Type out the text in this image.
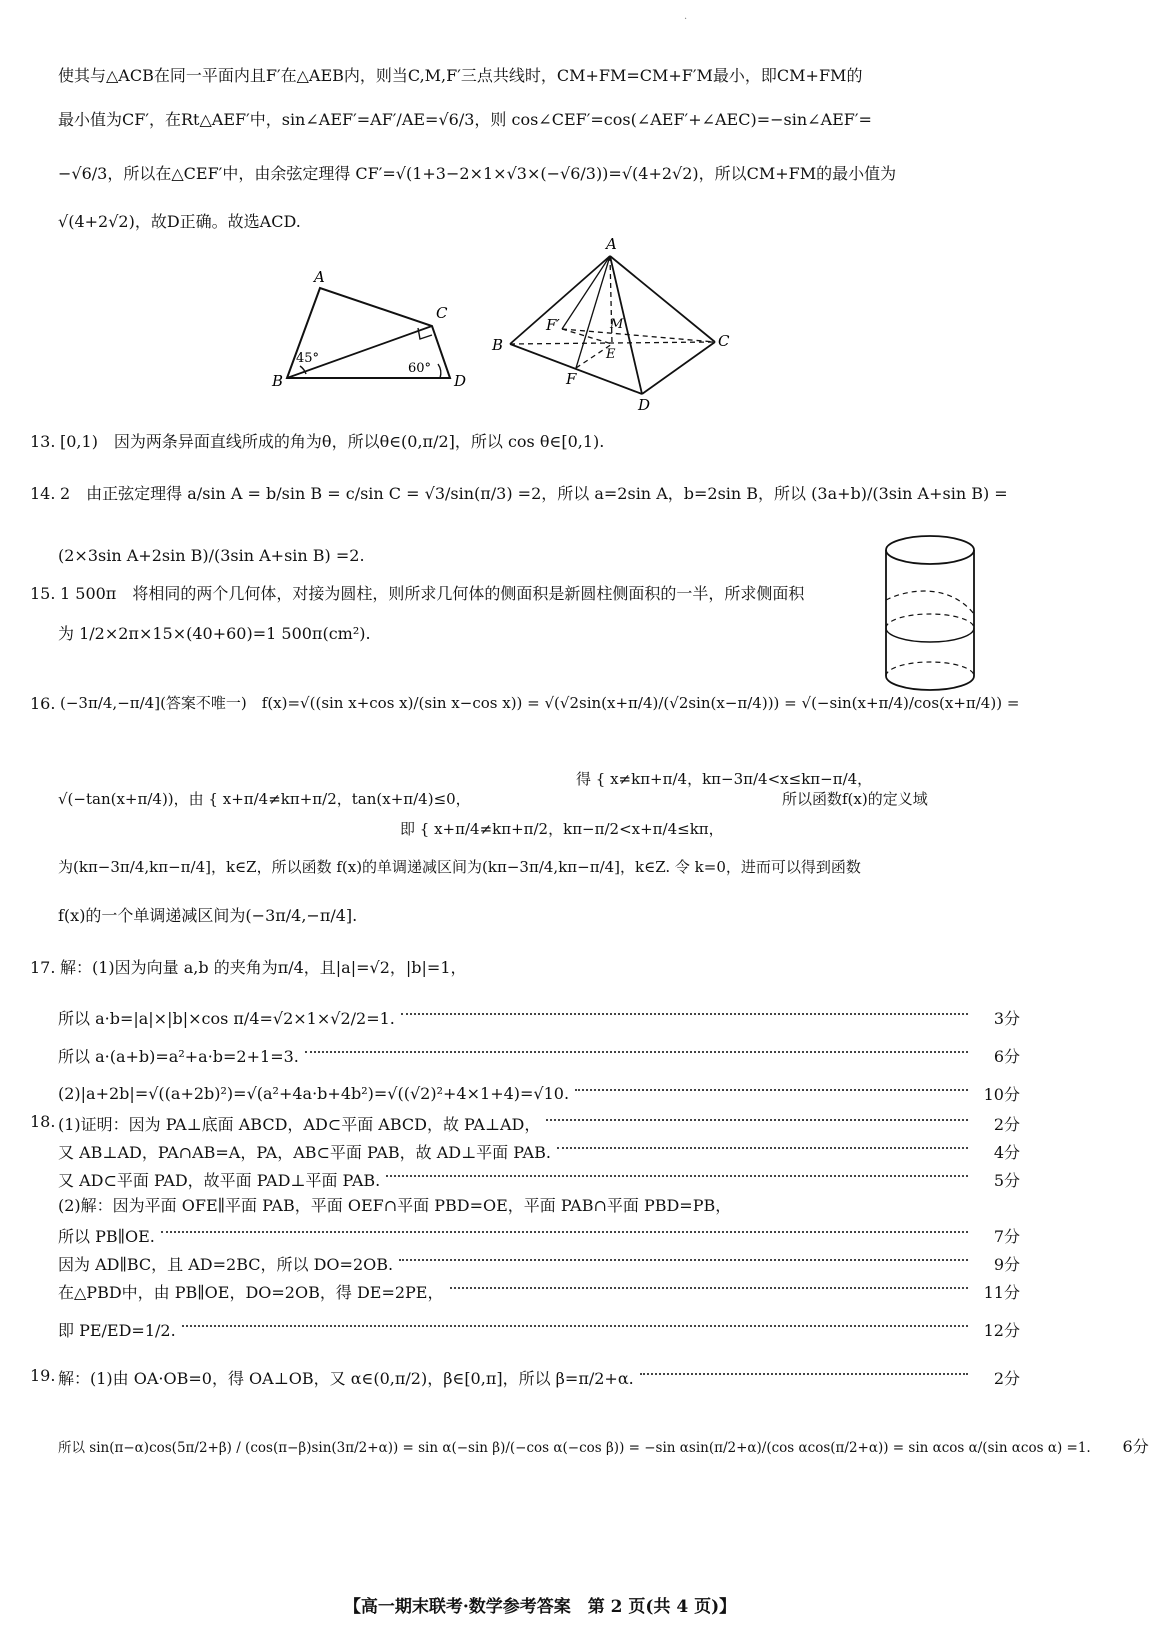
·
使其与△ACB在同一平面内且F′在△AEB内，则当C,M,F′三点共线时，CM+FM=CM+F′M最小，即CM+FM的
最小值为CF′，在Rt△AEF′中，sin∠AEF′=AF′/AE=√6/3，则 cos∠CEF′=cos(∠AEF′+∠AEC)=−sin∠AEF′=
−√6/3，所以在△CEF′中，由余弦定理得 CF′=√(1+3−2×1×√3×(−√6/3))=√(4+2√2)，所以CM+FM的最小值为
√(4+2√2)，故D正确。故选ACD.
A
B
C
D
45°
60°
A
B	C
D
E
F
F′	M
13. [0,1)　因为两条异面直线所成的角为θ，所以θ∈(0,π/2]，所以 cos θ∈[0,1).
14. 2　由正弦定理得 a/sin A = b/sin B = c/sin C = √3/sin(π/3) =2，所以 a=2sin A，b=2sin B，所以 (3a+b)/(3sin A+sin B) =
(2×3sin A+2sin B)/(3sin A+sin B) =2.
15. 1 500π　将相同的两个几何体，对接为圆柱，则所求几何体的侧面积是新圆柱侧面积的一半，所求侧面积
为 1/2×2π×15×(40+60)=1 500π(cm²).
16. (−3π/4,−π/4](答案不唯一)　f(x)=√((sin x+cos x)/(sin x−cos x)) = √(√2sin(x+π/4)/(√2sin(x−π/4))) = √(−sin(x+π/4)/cos(x+π/4)) =
√(−tan(x+π/4))，由 { x+π/4≠kπ+π/2，tan(x+π/4)≤0，
即 { x+π/4≠kπ+π/2，kπ−π/2<x+π/4≤kπ，
得 { x≠kπ+π/4，kπ−3π/4<x≤kπ−π/4，
所以函数f(x)的定义域
为(kπ−3π/4,kπ−π/4]，k∈Z，所以函数 f(x)的单调递减区间为(kπ−3π/4,kπ−π/4]，k∈Z. 令 k=0，进而可以得到函数
f(x)的一个单调递减区间为(−3π/4,−π/4].
17. 解：(1)因为向量 a,b 的夹角为π/4，且|a|=√2，|b|=1，
所以 a·b=|a|×|b|×cos π/4=√2×1×√2/2=1.	3分
所以 a·(a+b)=a²+a·b=2+1=3.	6分
(2)|a+2b|=√((a+2b)²)=√(a²+4a·b+4b²)=√((√2)²+4×1+4)=√10.	10分
18. (1)证明：因为 PA⊥底面 ABCD，AD⊂平面 ABCD，故 PA⊥AD，	2分
又 AB⊥AD，PA∩AB=A，PA，AB⊂平面 PAB，故 AD⊥平面 PAB.	4分
又 AD⊂平面 PAD，故平面 PAD⊥平面 PAB.	5分
(2)解：因为平面 OFE∥平面 PAB，平面 OEF∩平面 PBD=OE，平面 PAB∩平面 PBD=PB，
所以 PB∥OE.	7分
因为 AD∥BC，且 AD=2BC，所以 DO=2OB.	9分
在△PBD中，由 PB∥OE，DO=2OB，得 DE=2PE，	11分
即 PE/ED=1/2.	12分
19. 解：(1)由 OA·OB=0，得 OA⊥OB，又 α∈(0,π/2)，β∈[0,π]，所以 β=π/2+α.	2分
所以 sin(π−α)cos(5π/2+β) / (cos(π−β)sin(3π/2+α)) = sin α(−sin β)/(−cos α(−cos β)) = −sin αsin(π/2+α)/(cos αcos(π/2+α)) = sin αcos α/(sin αcos α) =1.	6分
【高一期末联考·数学参考答案　第 2 页(共 4 页)】
